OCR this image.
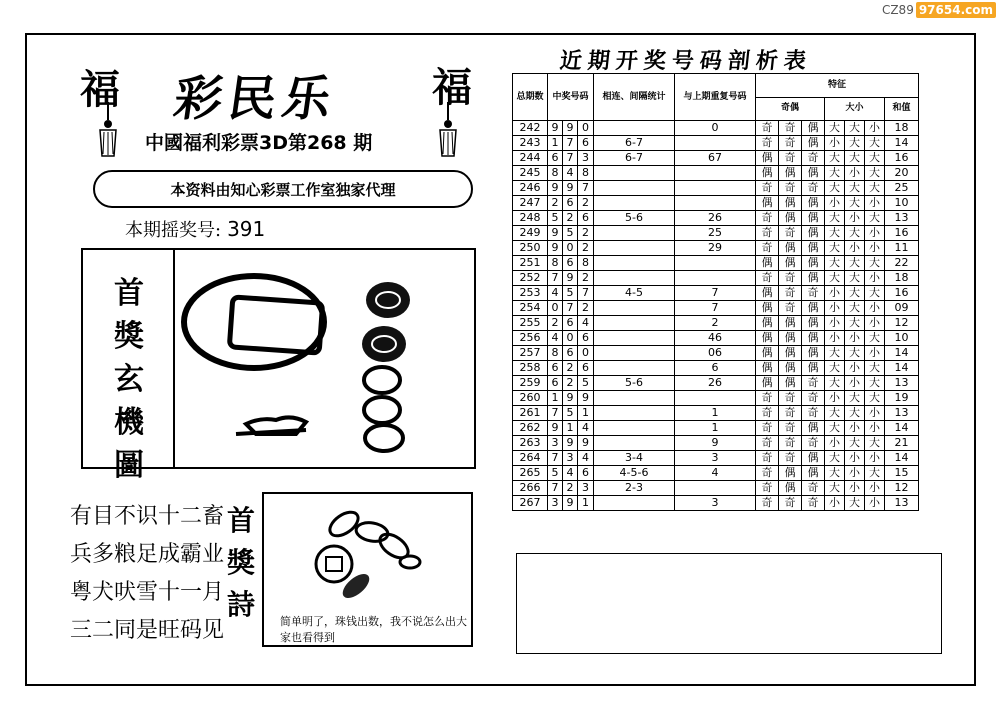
CZ89 97654.com
福	福
彩民乐
中國福利彩票3D第268 期
本资料由知心彩票工作室独家代理
本期摇奖号: 391
首
獎
玄
機
圖
有目不识十二畜
兵多粮足成霸业
粤犬吠雪十一月
三二同是旺码见
首
獎
詩
简单明了，珠钱出数，我不说怎么出大家也看得到
近期开奖号码剖析表
总期数	中奖号码			相连、间隔统计	与上期重复号码	特征						
						奇偶			大小			和值
242	9	9	0		0	奇	奇	偶	大	大	小	18
243	1	7	6	6-7		奇	奇	偶	小	大	大	14
244	6	7	3	6-7	67	偶	奇	奇	大	大	大	16
245	8	4	8			偶	偶	偶	大	小	大	20
246	9	9	7			奇	奇	奇	大	大	大	25
247	2	6	2			偶	偶	偶	小	大	小	10
248	5	2	6	5-6	26	奇	偶	偶	大	小	大	13
249	9	5	2		25	奇	奇	偶	大	大	小	16
250	9	0	2		29	奇	偶	偶	大	小	小	11
251	8	6	8			偶	偶	偶	大	大	大	22
252	7	9	2			奇	奇	偶	大	大	小	18
253	4	5	7	4-5	7	偶	奇	奇	小	大	大	16
254	0	7	2		7	偶	奇	偶	小	大	小	09
255	2	6	4		2	偶	偶	偶	小	大	小	12
256	4	0	6		46	偶	偶	偶	小	小	大	10
257	8	6	0		06	偶	偶	偶	大	大	小	14
258	6	2	6		6	偶	偶	偶	大	小	大	14
259	6	2	5	5-6	26	偶	偶	奇	大	小	大	13
260	1	9	9			奇	奇	奇	小	大	大	19
261	7	5	1		1	奇	奇	奇	大	大	小	13
262	9	1	4		1	奇	奇	偶	大	小	小	14
263	3	9	9		9	奇	奇	奇	小	大	大	21
264	7	3	4	3-4	3	奇	奇	偶	大	小	小	14
265	5	4	6	4-5-6	4	奇	偶	偶	大	小	大	15
266	7	2	3	2-3		奇	偶	奇	大	小	小	12
267	3	9	1		3	奇	奇	奇	小	大	小	13
